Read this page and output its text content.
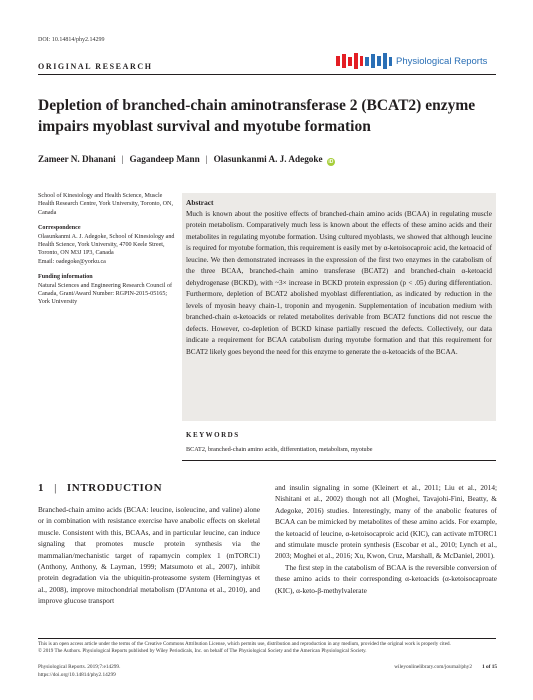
DOI: 10.14814/phy2.14299
Physiological Reports
ORIGINAL RESEARCH
Depletion of branched-chain aminotransferase 2 (BCAT2) enzyme impairs myoblast survival and myotube formation
Zameer N. Dhanani | Gagandeep Mann | Olasunkanmi A. J. Adegoke iD

School of Kinesiology and Health Science, Muscle Health Research Centre, York University, Toronto, ON, Canada

Correspondence

Olasunkanmi A. J. Adegoke, School of Kinesiology and Health Science, York University, 4700 Keele Street, Toronto, ON M3J 1P3, Canada

Email: oadegoke@yorku.ca

Funding information

Natural Sciences and Engineering Research Council of Canada, Grant/Award Number: RGPIN-2015-05165; York University

Abstract
Much is known about the positive effects of branched-chain amino acids (BCAA) in regulating muscle protein metabolism. Comparatively much less is known about the effects of these amino acids and their metabolites in regulating myotube formation. Using cultured myoblasts, we showed that although leucine is required for myotube formation, this requirement is easily met by α-ketoisocaproic acid, the ketoacid of leucine. We then demonstrated increases in the expression of the first two enzymes in the catabolism of the three BCAA, branched-chain amino transferase (BCAT2) and branched-chain α-ketoacid dehydrogenase (BCKD), with ~3× increase in BCKD protein expression (p < .05) during differentiation. Furthermore, depletion of BCAT2 abolished myoblast differentiation, as indicated by reduction in the levels of myosin heavy chain-1, troponin and myogenin. Supplementation of incubation medium with branched-chain α-ketoacids or related metabolites derivable from BCAT2 functions did not rescue the defects. However, co-depletion of BCKD kinase partially rescued the defects. Collectively, our data indicate a requirement for BCAA catabolism during myotube formation and that this requirement for BCAT2 likely goes beyond the need for this enzyme to generate the α-ketoacids of the BCAA.
KEYWORDS
BCAT2, branched-chain amino acids, differentiation, metabolism, myotube
1 | INTRODUCTION

Branched-chain amino acids (BCAA: leucine, isoleucine, and valine) alone or in combination with resistance exercise have anabolic effects on skeletal muscle. Consistent with this, BCAAs, and in particular leucine, can induce signaling that promotes muscle protein synthesis via the mammalian/mechanistic target of rapamycin complex 1 (mTORC1) (Anthony, Anthony, & Layman, 1999; Matsumoto et al., 2007), inhibit protein degradation via the ubiquitin-proteasome system (Herningtyas et al., 2008), improve mitochondrial metabolism (D'Antona et al., 2010), and improve glucose transport

and insulin signaling in some (Kleinert et al., 2011; Liu et al., 2014; Nishitani et al., 2002) though not all (Moghei, Tavajohi-Fini, Beatty, & Adegoke, 2016) studies. Interestingly, many of the anabolic features of BCAA can be mimicked by metabolites of these amino acids. For example, the ketoacid of leucine, α-ketoisocaproic acid (KIC), can activate mTORC1 and stimulate muscle protein synthesis (Escobar et al., 2010; Lynch et al., 2003; Moghei et al., 2016; Xu, Kwon, Cruz, Marshall, & McDaniel, 2001).

The first step in the catabolism of BCAA is the reversible conversion of these amino acids to their corresponding α-ketoacids (α-ketoisocaproate (KIC), α-keto-β-methylvalerate

This is an open access article under the terms of the Creative Commons Attribution License, which permits use, distribution and reproduction in any medium, provided the original work is properly cited.
© 2019 The Authors. Physiological Reports published by Wiley Periodicals, Inc. on behalf of The Physiological Society and the American Physiological Society.
Physiological Reports. 2019;7:e14299.
https://doi.org/10.14814/phy2.14299
wileyonlinelibrary.com/journal/phy2 1 of 15
